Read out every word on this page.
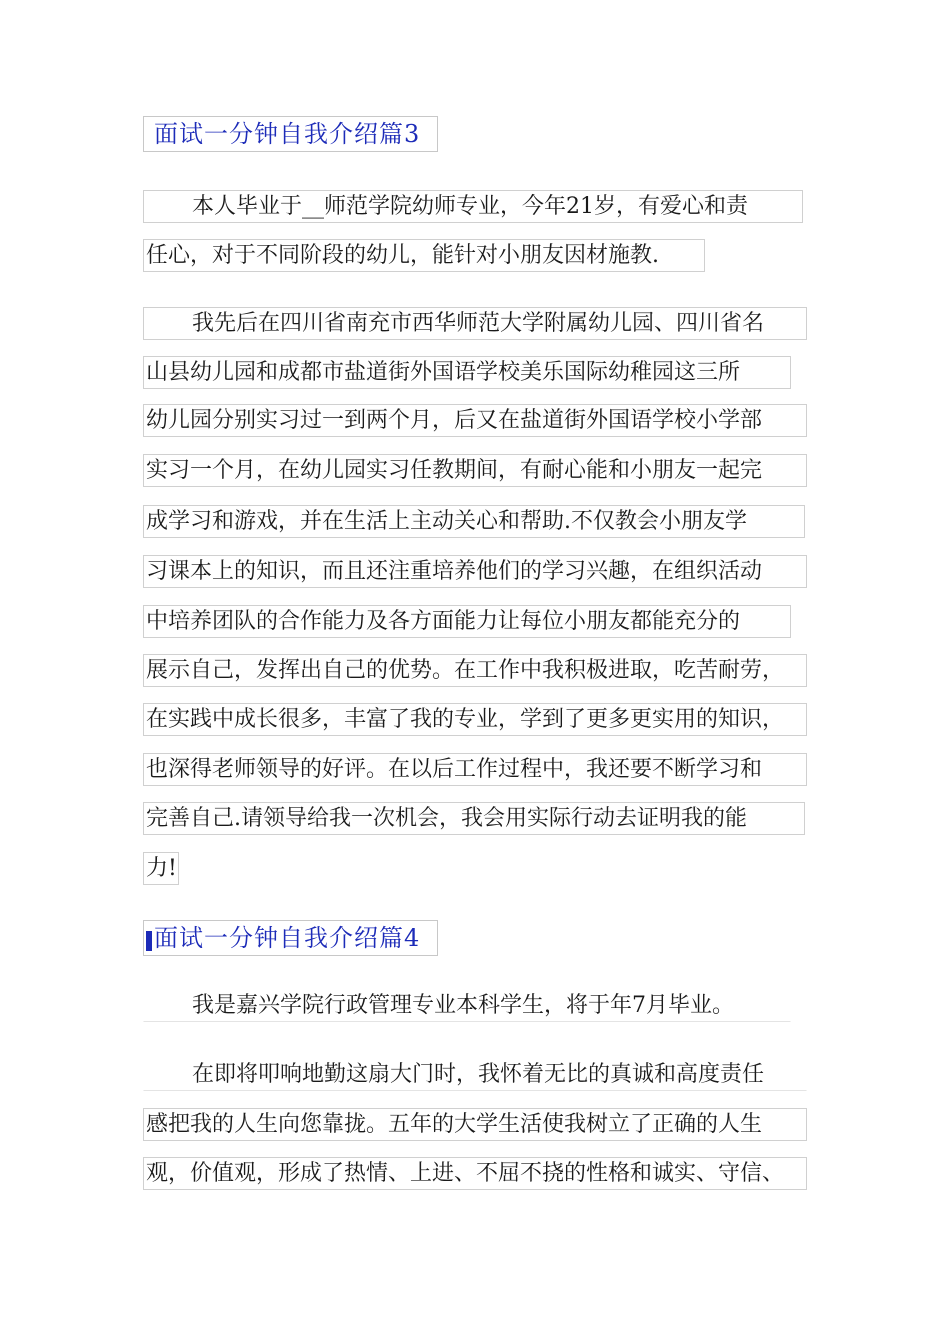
面试一分钟自我介绍篇3
本人毕业于__师范学院幼师专业，今年21岁，有爱心和责
任心，对于不同阶段的幼儿，能针对小朋友因材施教.
我先后在四川省南充市西华师范大学附属幼儿园、四川省名
山县幼儿园和成都市盐道街外国语学校美乐国际幼稚园这三所
幼儿园分别实习过一到两个月，后又在盐道街外国语学校小学部
实习一个月，在幼儿园实习任教期间，有耐心能和小朋友一起完
成学习和游戏，并在生活上主动关心和帮助.不仅教会小朋友学
习课本上的知识，而且还注重培养他们的学习兴趣，在组织活动
中培养团队的合作能力及各方面能力让每位小朋友都能充分的
展示自己，发挥出自己的优势。在工作中我积极进取，吃苦耐劳，
在实践中成长很多，丰富了我的专业，学到了更多更实用的知识，
也深得老师领导的好评。在以后工作过程中，我还要不断学习和
完善自己.请领导给我一次机会，我会用实际行动去证明我的能
力!
面试一分钟自我介绍篇4
我是嘉兴学院行政管理专业本科学生，将于年7月毕业。
在即将叩响地勤这扇大门时，我怀着无比的真诚和高度责任
感把我的人生向您靠拢。五年的大学生活使我树立了正确的人生
观，价值观，形成了热情、上进、不屈不挠的性格和诚实、守信、
